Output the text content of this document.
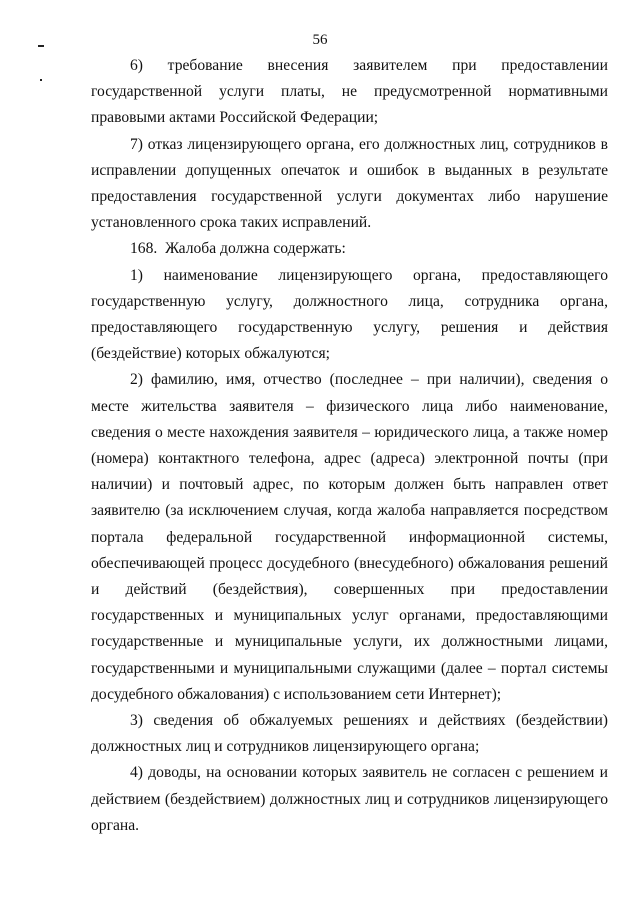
56

6) требование внесения заявителем при предоставлении государственной услуги платы, не предусмотренной нормативными правовыми актами Российской Федерации;

7) отказ лицензирующего органа, его должностных лиц, сотрудников в исправлении допущенных опечаток и ошибок в выданных в результате предоставления государственной услуги документах либо нарушение установленного срока таких исправлений.

168.  Жалоба должна содержать:

1) наименование лицензирующего органа, предоставляющего государственную услугу, должностного лица, сотрудника органа, предоставляющего государственную услугу, решения и действия (бездействие) которых обжалуются;

2) фамилию, имя, отчество (последнее – при наличии), сведения о месте жительства заявителя – физического лица либо наименование, сведения о месте нахождения заявителя – юридического лица, а также номер (номера) контактного телефона, адрес (адреса) электронной почты (при наличии) и почтовый адрес, по которым должен быть направлен ответ заявителю (за исключением случая, когда жалоба направляется посредством портала федеральной государственной информационной системы, обеспечивающей процесс досудебного (внесудебного) обжалования решений и действий (бездействия), совершенных при предоставлении государственных и муниципальных услуг органами, предоставляющими государственные и муниципальные услуги, их должностными лицами, государственными и муниципальными служащими (далее – портал системы досудебного обжалования) с использованием сети Интернет);

3) сведения об обжалуемых решениях и действиях (бездействии) должностных лиц и сотрудников лицензирующего органа;

4) доводы, на основании которых заявитель не согласен с решением и действием (бездействием) должностных лиц и сотрудников лицензирующего органа.
